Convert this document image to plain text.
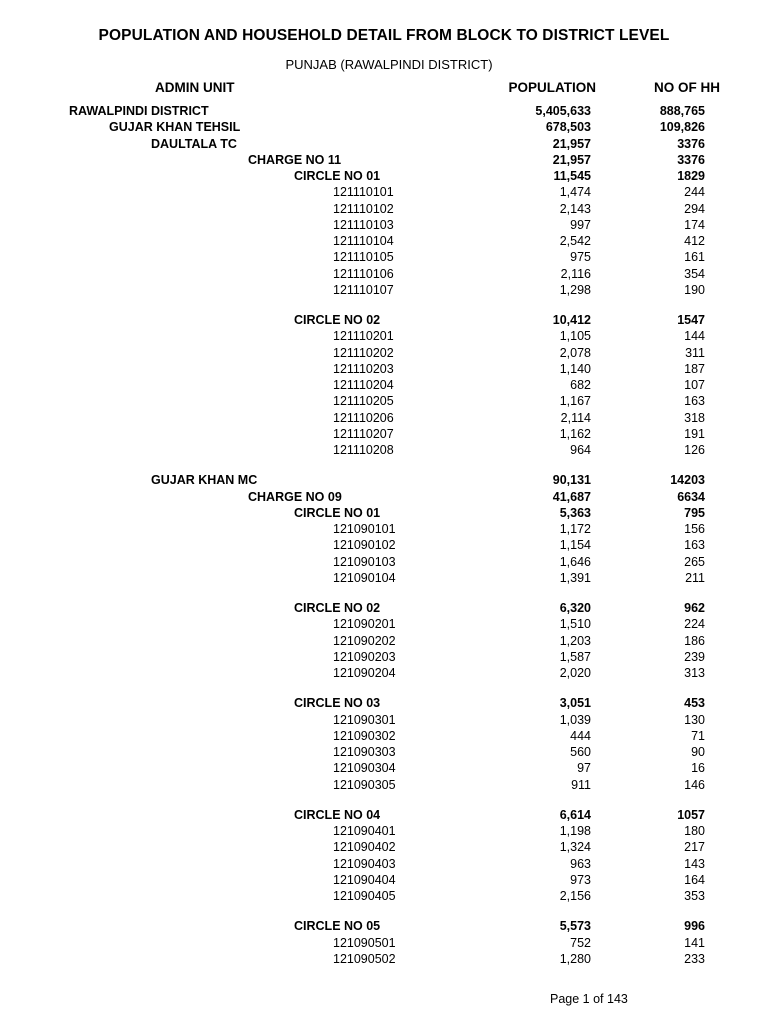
POPULATION AND HOUSEHOLD DETAIL FROM BLOCK TO DISTRICT LEVEL
PUNJAB (RAWALPINDI DISTRICT)
ADMIN UNIT	POPULATION	NO OF HH
RAWALPINDI DISTRICT	5,405,633	888,765
GUJAR KHAN TEHSIL	678,503	109,826
DAULTALA TC	21,957	3376
CHARGE NO 11	21,957	3376
CIRCLE NO 01	11,545	1829
121110101	1,474	244
121110102	2,143	294
121110103	997	174
121110104	2,542	412
121110105	975	161
121110106	2,116	354
121110107	1,298	190
CIRCLE NO 02	10,412	1547
121110201	1,105	144
121110202	2,078	311
121110203	1,140	187
121110204	682	107
121110205	1,167	163
121110206	2,114	318
121110207	1,162	191
121110208	964	126
GUJAR KHAN MC	90,131	14203
CHARGE NO 09	41,687	6634
CIRCLE NO 01	5,363	795
121090101	1,172	156
121090102	1,154	163
121090103	1,646	265
121090104	1,391	211
CIRCLE NO 02	6,320	962
121090201	1,510	224
121090202	1,203	186
121090203	1,587	239
121090204	2,020	313
CIRCLE NO 03	3,051	453
121090301	1,039	130
121090302	444	71
121090303	560	90
121090304	97	16
121090305	911	146
CIRCLE NO 04	6,614	1057
121090401	1,198	180
121090402	1,324	217
121090403	963	143
121090404	973	164
121090405	2,156	353
CIRCLE NO 05	5,573	996
121090501	752	141
121090502	1,280	233
Page 1 of 143
